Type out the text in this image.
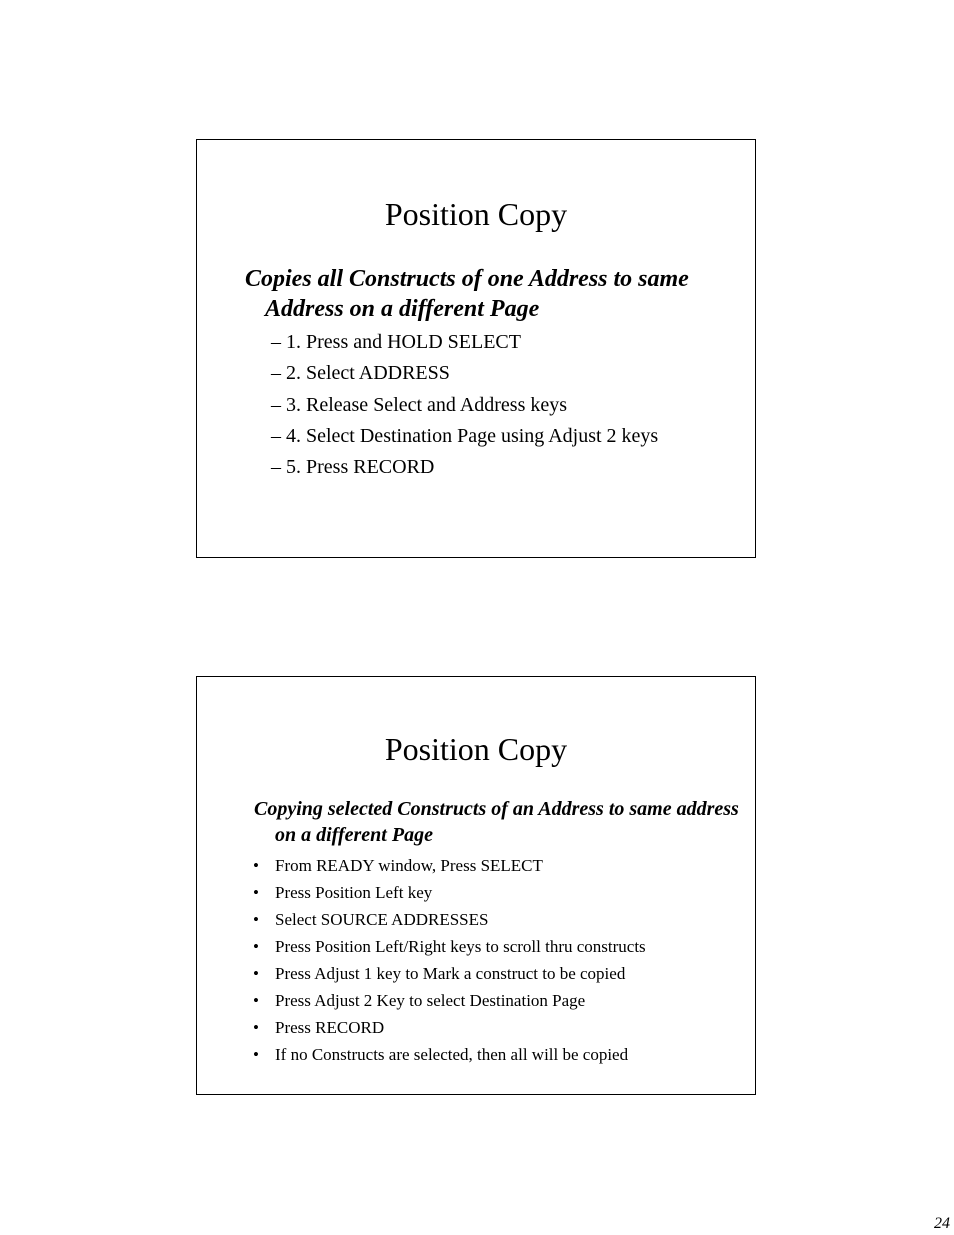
Position Copy

Copies all Constructs of one Address to same Address on a different Page

– 1. Press and HOLD SELECT
– 2. Select ADDRESS
– 3. Release Select and Address keys
– 4. Select Destination Page using Adjust 2 keys
– 5. Press RECORD
Position Copy

Copying selected Constructs of an Address to same address on a different Page

• From READY window, Press SELECT
• Press Position Left key
• Select SOURCE ADDRESSES
• Press Position Left/Right keys to scroll thru constructs
• Press Adjust 1 key to Mark a construct to be copied
• Press Adjust 2 Key to select Destination Page
• Press RECORD
• If no Constructs are selected, then all will be copied
24
